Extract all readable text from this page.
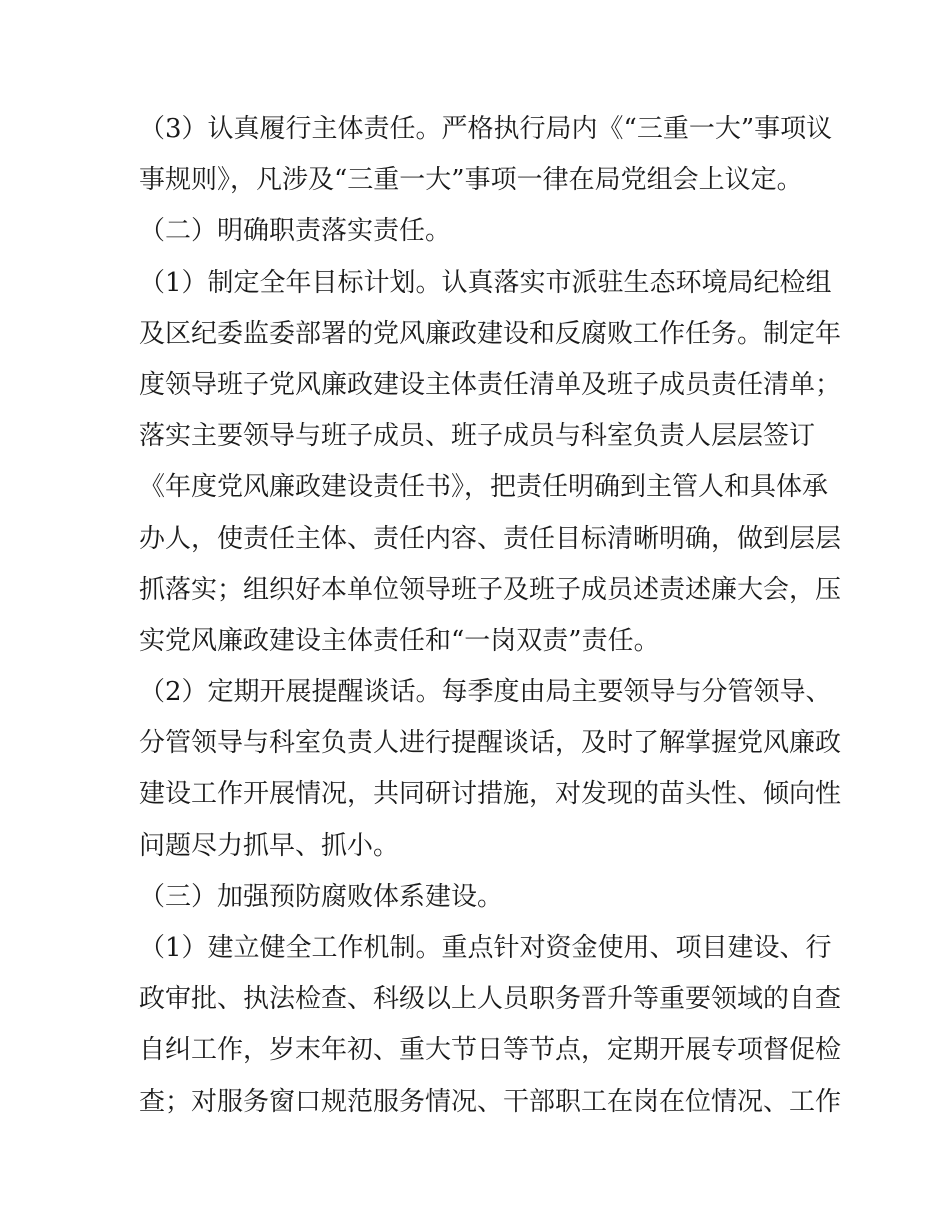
（3）认真履行主体责任。严格执行局内《“三重一大”事项议
事规则》，凡涉及“三重一大”事项一律在局党组会上议定。
（二）明确职责落实责任。
（1）制定全年目标计划。认真落实市派驻生态环境局纪检组
及区纪委监委部署的党风廉政建设和反腐败工作任务。制定年
度领导班子党风廉政建设主体责任清单及班子成员责任清单；
落实主要领导与班子成员、班子成员与科室负责人层层签订
《年度党风廉政建设责任书》，把责任明确到主管人和具体承
办人，使责任主体、责任内容、责任目标清晰明确，做到层层
抓落实；组织好本单位领导班子及班子成员述责述廉大会，压
实党风廉政建设主体责任和“一岗双责”责任。
（2）定期开展提醒谈话。每季度由局主要领导与分管领导、
分管领导与科室负责人进行提醒谈话，及时了解掌握党风廉政
建设工作开展情况，共同研讨措施，对发现的苗头性、倾向性
问题尽力抓早、抓小。
（三）加强预防腐败体系建设。
（1）建立健全工作机制。重点针对资金使用、项目建设、行
政审批、执法检查、科级以上人员职务晋升等重要领域的自查
自纠工作，岁末年初、重大节日等节点，定期开展专项督促检
查；对服务窗口规范服务情况、干部职工在岗在位情况、工作
